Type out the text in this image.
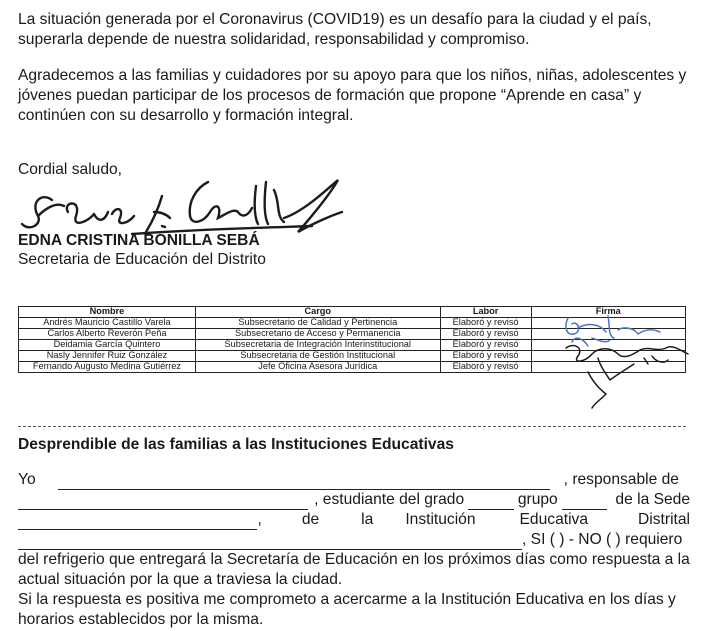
La situación generada por el Coronavirus (COVID19) es un desafío para la ciudad y el país, superarla depende de nuestra solidaridad, responsabilidad y compromiso.

Agradecemos a las familias y cuidadores por su apoyo para que los niños, niñas, adolescentes y jóvenes puedan participar de los procesos de formación que propone “Aprende en casa” y continúen con su desarrollo y formación integral.

Cordial saludo,

EDNA CRISTINA BONILLA SEBÁ
Secretaria de Educación del Distrito
Nombre	Cargo	Labor	Firma
Andrés Mauricio Castillo Varela	Subsecretario de Calidad y Pertinencia	Elaboró y revisó	
Carlos Alberto Reverón Peña	Subsecretario de Acceso y Permanencia	Elaboró y revisó	
Deidamia García Quintero	Subsecretaria de Integración Interinstitucional	Elaboró y revisó	
Nasly Jennifer Ruiz González	Subsecretaria de Gestión Institucional	Elaboró y revisó	
Fernando Augusto Medina Gutiérrez	Jefe Oficina Asesora Jurídica	Elaboró y revisó	
Desprendible de las familias a las Instituciones Educativas
Yo	, responsable de
, estudiante del grado	grupo	de la Sede
,	de	la Institución	Educativa	Distrital
, SI ( ) - NO ( ) requiero

del refrigerio que entregará la Secretaría de Educación en los próximos días como respuesta a la actual situación por la que a traviesa la ciudad.

Si la respuesta es positiva me comprometo a acercarme a la Institución Educativa en los días y horarios establecidos por la misma.
